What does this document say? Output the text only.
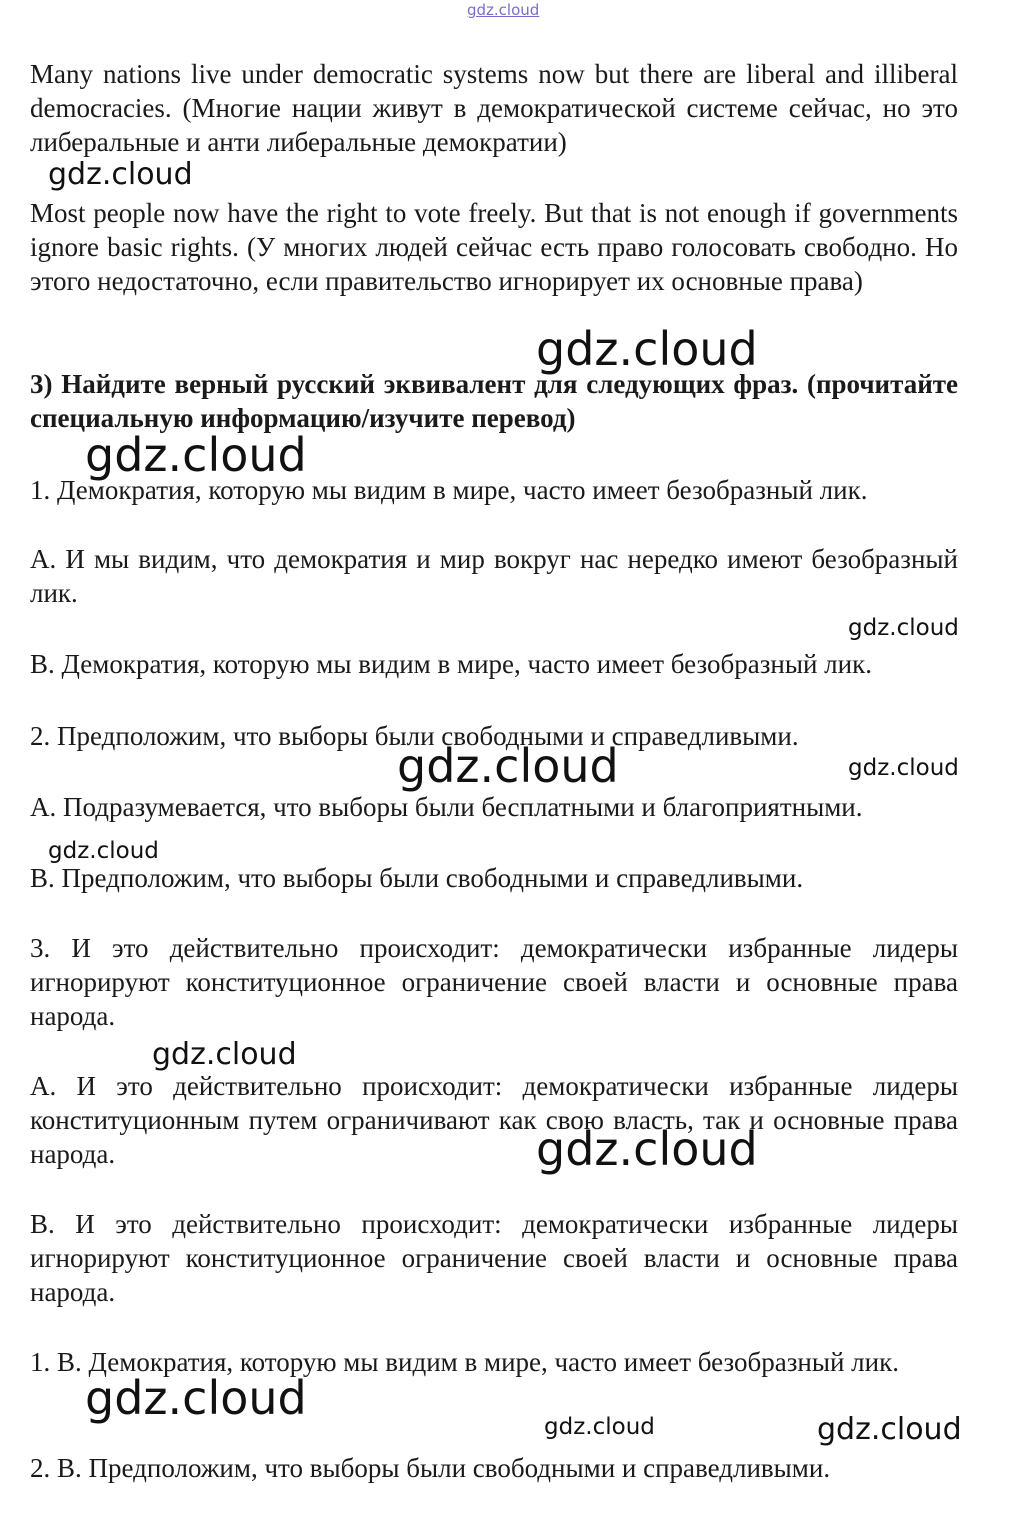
gdz.cloud
gdz.cloud
gdz.cloud
gdz.cloud
gdz.cloud
gdz.cloud	gdz.cloud
gdz.cloud
gdz.cloud
gdz.cloud
gdz.cloud
gdz.cloud	gdz.cloud

Many nations live under democratic systems now but there are liberal and illiberal democracies. (Многие нации живут в демократической системе сейчас, но это либеральные и анти либеральные демократии)

Most people now have the right to vote freely. But that is not enough if governments ignore basic rights. (У многих людей сейчас есть право голосовать свободно. Но этого недостаточно, если правительство игнорирует их основные права)

3) Найдите верный русский эквивалент для следующих фраз. (прочитайте специальную информацию/изучите перевод)

1. Демократия, которую мы видим в мире, часто имеет безобразный лик.

A. И мы видим, что демократия и мир вокруг нас нередко имеют безобразный лик.

B. Демократия, которую мы видим в мире, часто имеет безобразный лик.

2. Предположим, что выборы были свободными и справедливыми.

A. Подразумевается, что выборы были бесплатными и благоприятными.

B. Предположим, что выборы были свободными и справедливыми.

3. И это действительно происходит: демократически избранные лидеры игнорируют конституционное ограничение своей власти и основные права народа.

A. И это действительно происходит: демократически избранные лидеры конституционным путем ограничивают как свою власть, так и основные права народа.

B. И это действительно происходит: демократически избранные лидеры игнорируют конституционное ограничение своей власти и основные права народа.

1. B. Демократия, которую мы видим в мире, часто имеет безобразный лик.

2. B. Предположим, что выборы были свободными и справедливыми.
